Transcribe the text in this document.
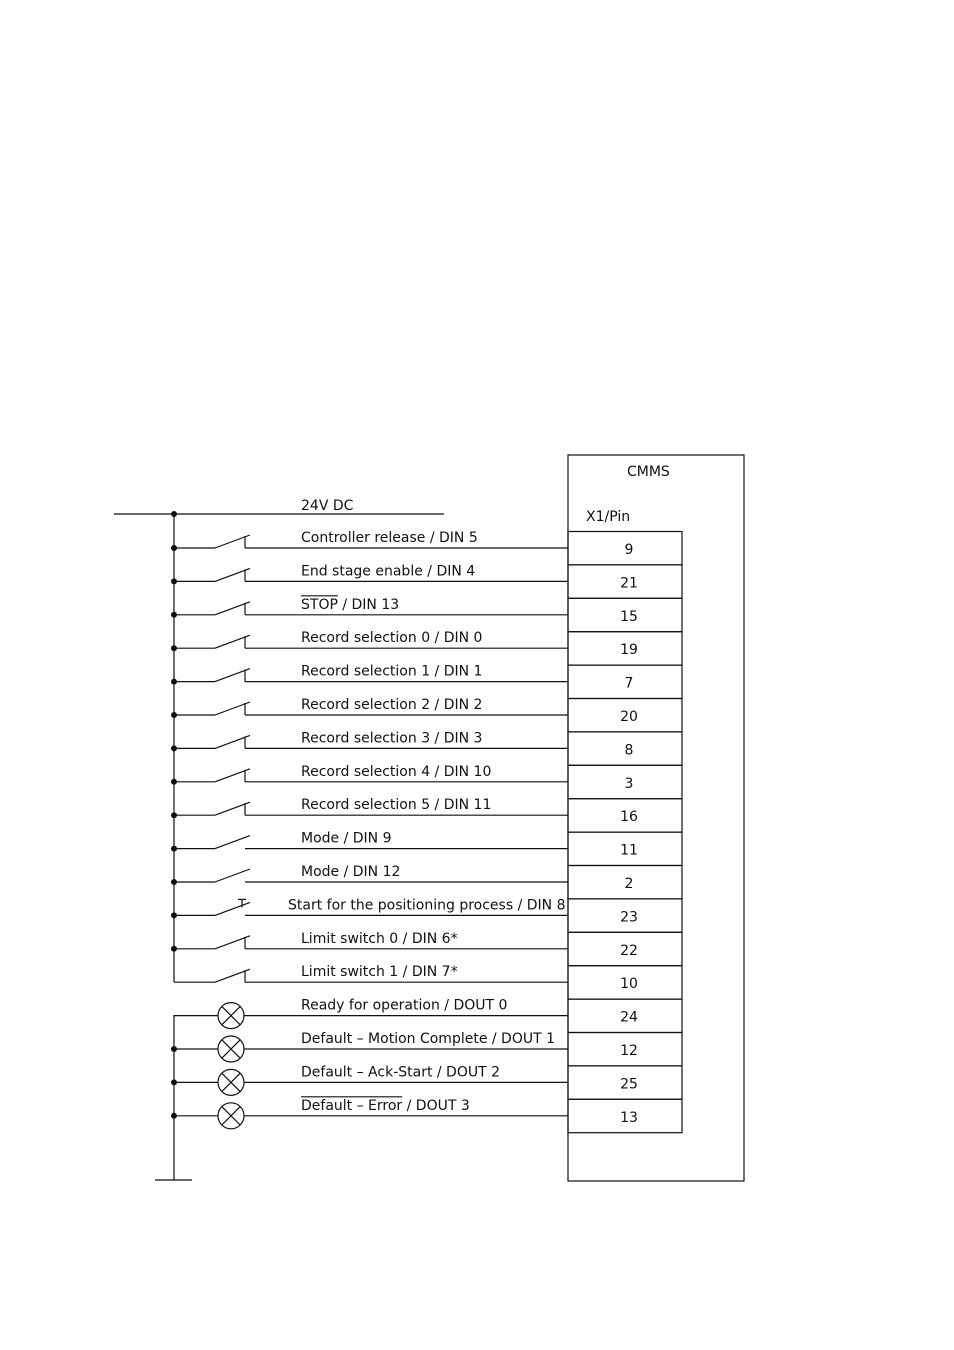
CMMS
X1/Pin
24V DC
Controller release / DIN 5
9
End stage enable / DIN 4
21
STOP / DIN 13
15
Record selection 0 / DIN 0
19
Record selection 1 / DIN 1
7
Record selection 2 / DIN 2
20
Record selection 3 / DIN 3
8
Record selection 4 / DIN 10
3
Record selection 5 / DIN 11
16
Mode / DIN 9
11
Mode / DIN 12
2
Start for the positioning process / DIN 8
23
Limit switch 0 / DIN 6*
22
Limit switch 1 / DIN 7*
10
Ready for operation / DOUT 0
24
Default – Motion Complete / DOUT 1
12
Default – Ack-Start / DOUT 2
25
Default – Error / DOUT 3
13
